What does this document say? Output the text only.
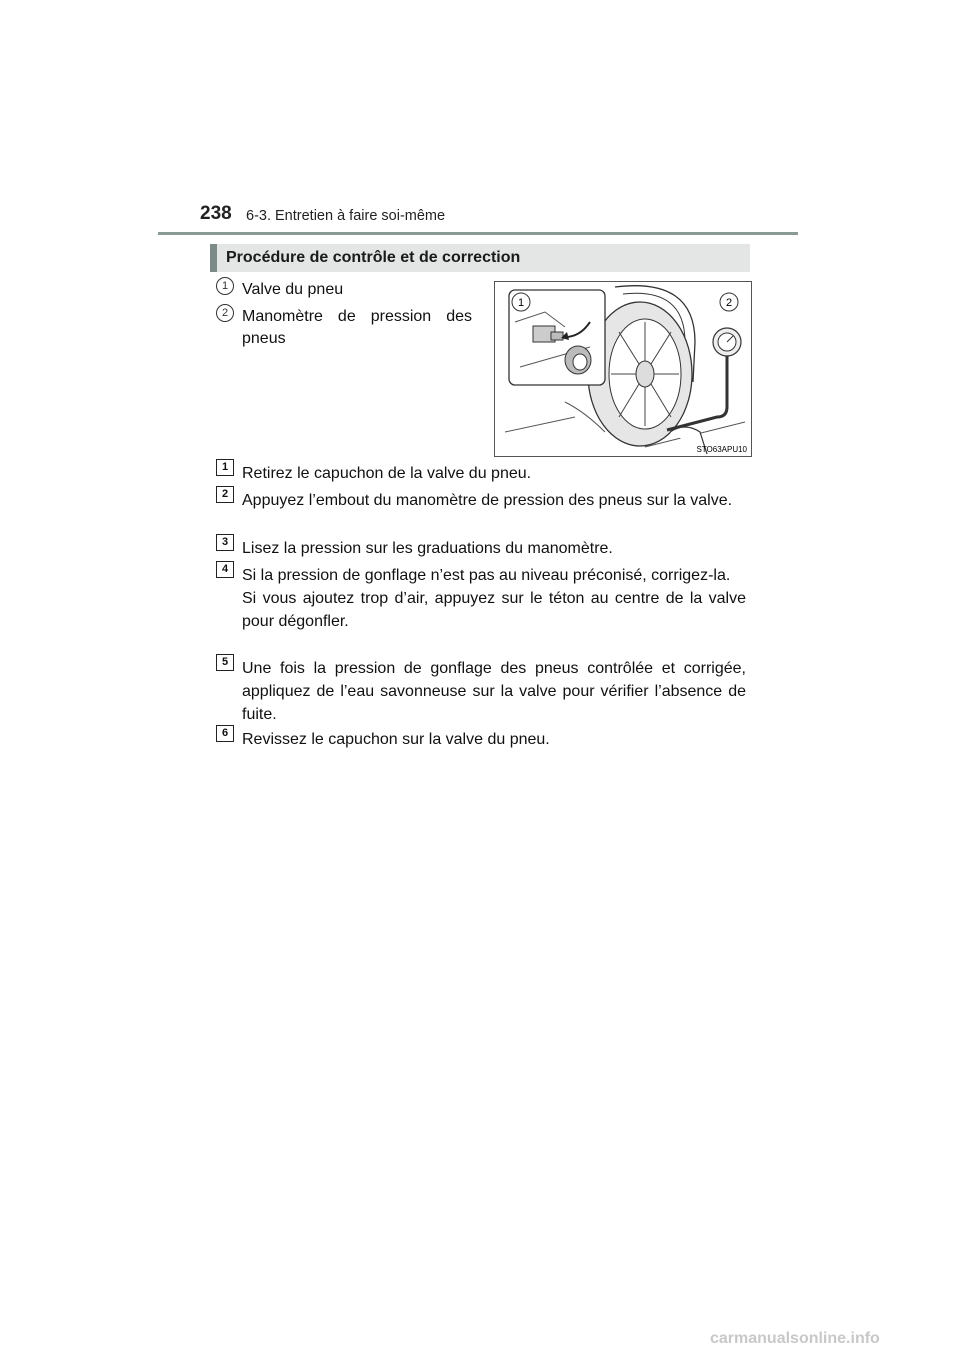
238 6-3. Entretien à faire soi-même
Procédure de contrôle et de correction
1 Valve du pneu
2 Manomètre de pression des pneus
1	2
STO63APU10
1 Retirez le capuchon de la valve du pneu.
2 Appuyez l’embout du manomètre de pression des pneus sur la valve.
3 Lisez la pression sur les graduations du manomètre.
4 Si la pression de gonflage n’est pas au niveau préconisé, corrigez-la.
Si vous ajoutez trop d’air, appuyez sur le téton au centre de la valve pour dégonfler.
5 Une fois la pression de gonflage des pneus contrôlée et corrigée, appliquez de l’eau savonneuse sur la valve pour vérifier l’absence de fuite.
6 Revissez le capuchon sur la valve du pneu.
carmanualsonline.info
